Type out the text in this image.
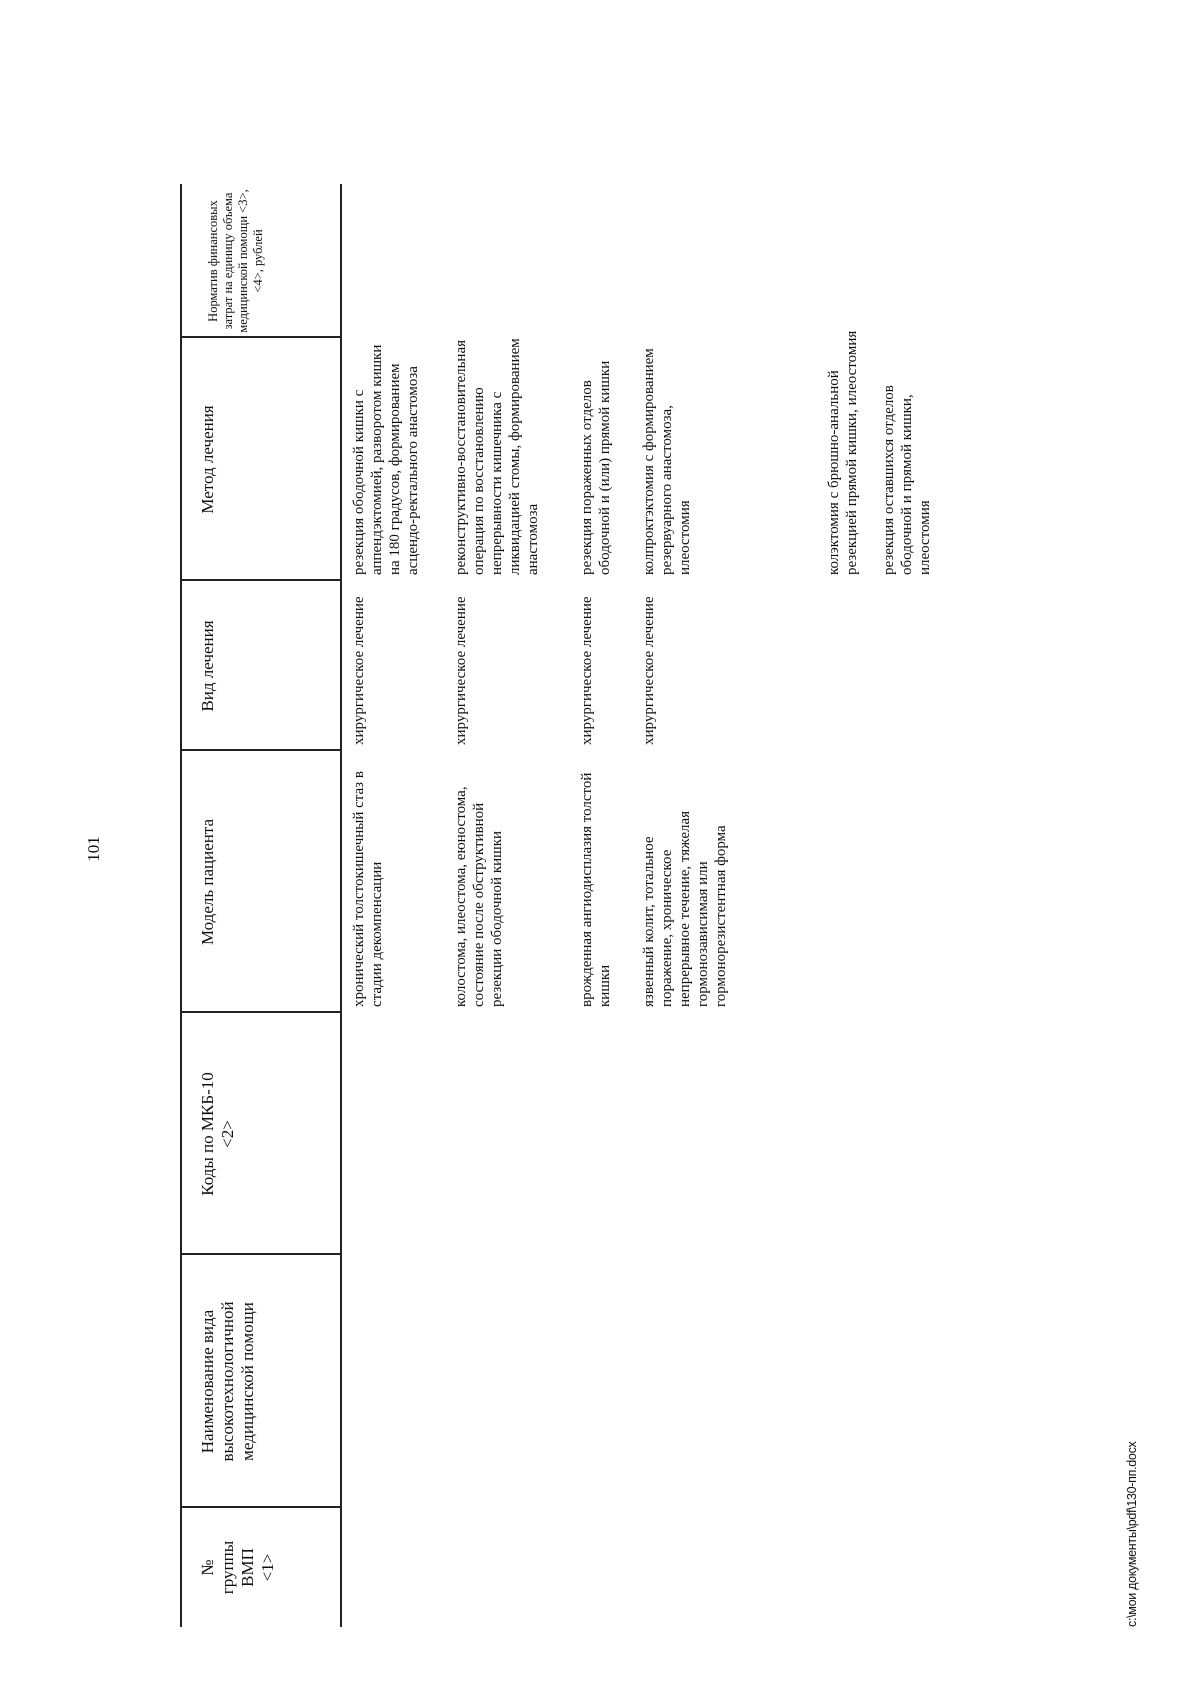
101
№ группы ВМП <1>
Наименование вида высокотехнологичной медицинской помощи
Коды по МКБ-10 <2>
Модель пациента
Вид лечения
Метод лечения
Норматив финансовых затрат на единицу объема медицинской помощи <3>, <4>, рублей
хронический толстокишечный стаз в стадии декомпенсации
хирургическое лечение
резекция ободочной кишки с аппендэктомией, разворотом кишки на 180 градусов, формированием асцендо-ректального анастомоза
колостома, илеостома, еюностома, состояние после обструктивной резекции ободочной кишки
хирургическое лечение
реконструктивно-восстановительная операция по восстановлению непрерывности кишечника с ликвидацией стомы, формированием анастомоза
врожденная ангиодисплазия толстой кишки
хирургическое лечение
резекция пораженных отделов ободочной и (или) прямой кишки
язвенный колит, тотальное поражение, хроническое непрерывное течение, тяжелая гормонозависимая или гормонорезистентная форма
хирургическое лечение
колпроктэктомия с формированием резервуарного анастомоза, илеостомия	колэктомия с брюшно-анальной резекцией прямой кишки, илеостомия резекция оставшихся отделов ободочной и прямой кишки, илеостомия
c:\мои документы\pdf\130-пп.docx
